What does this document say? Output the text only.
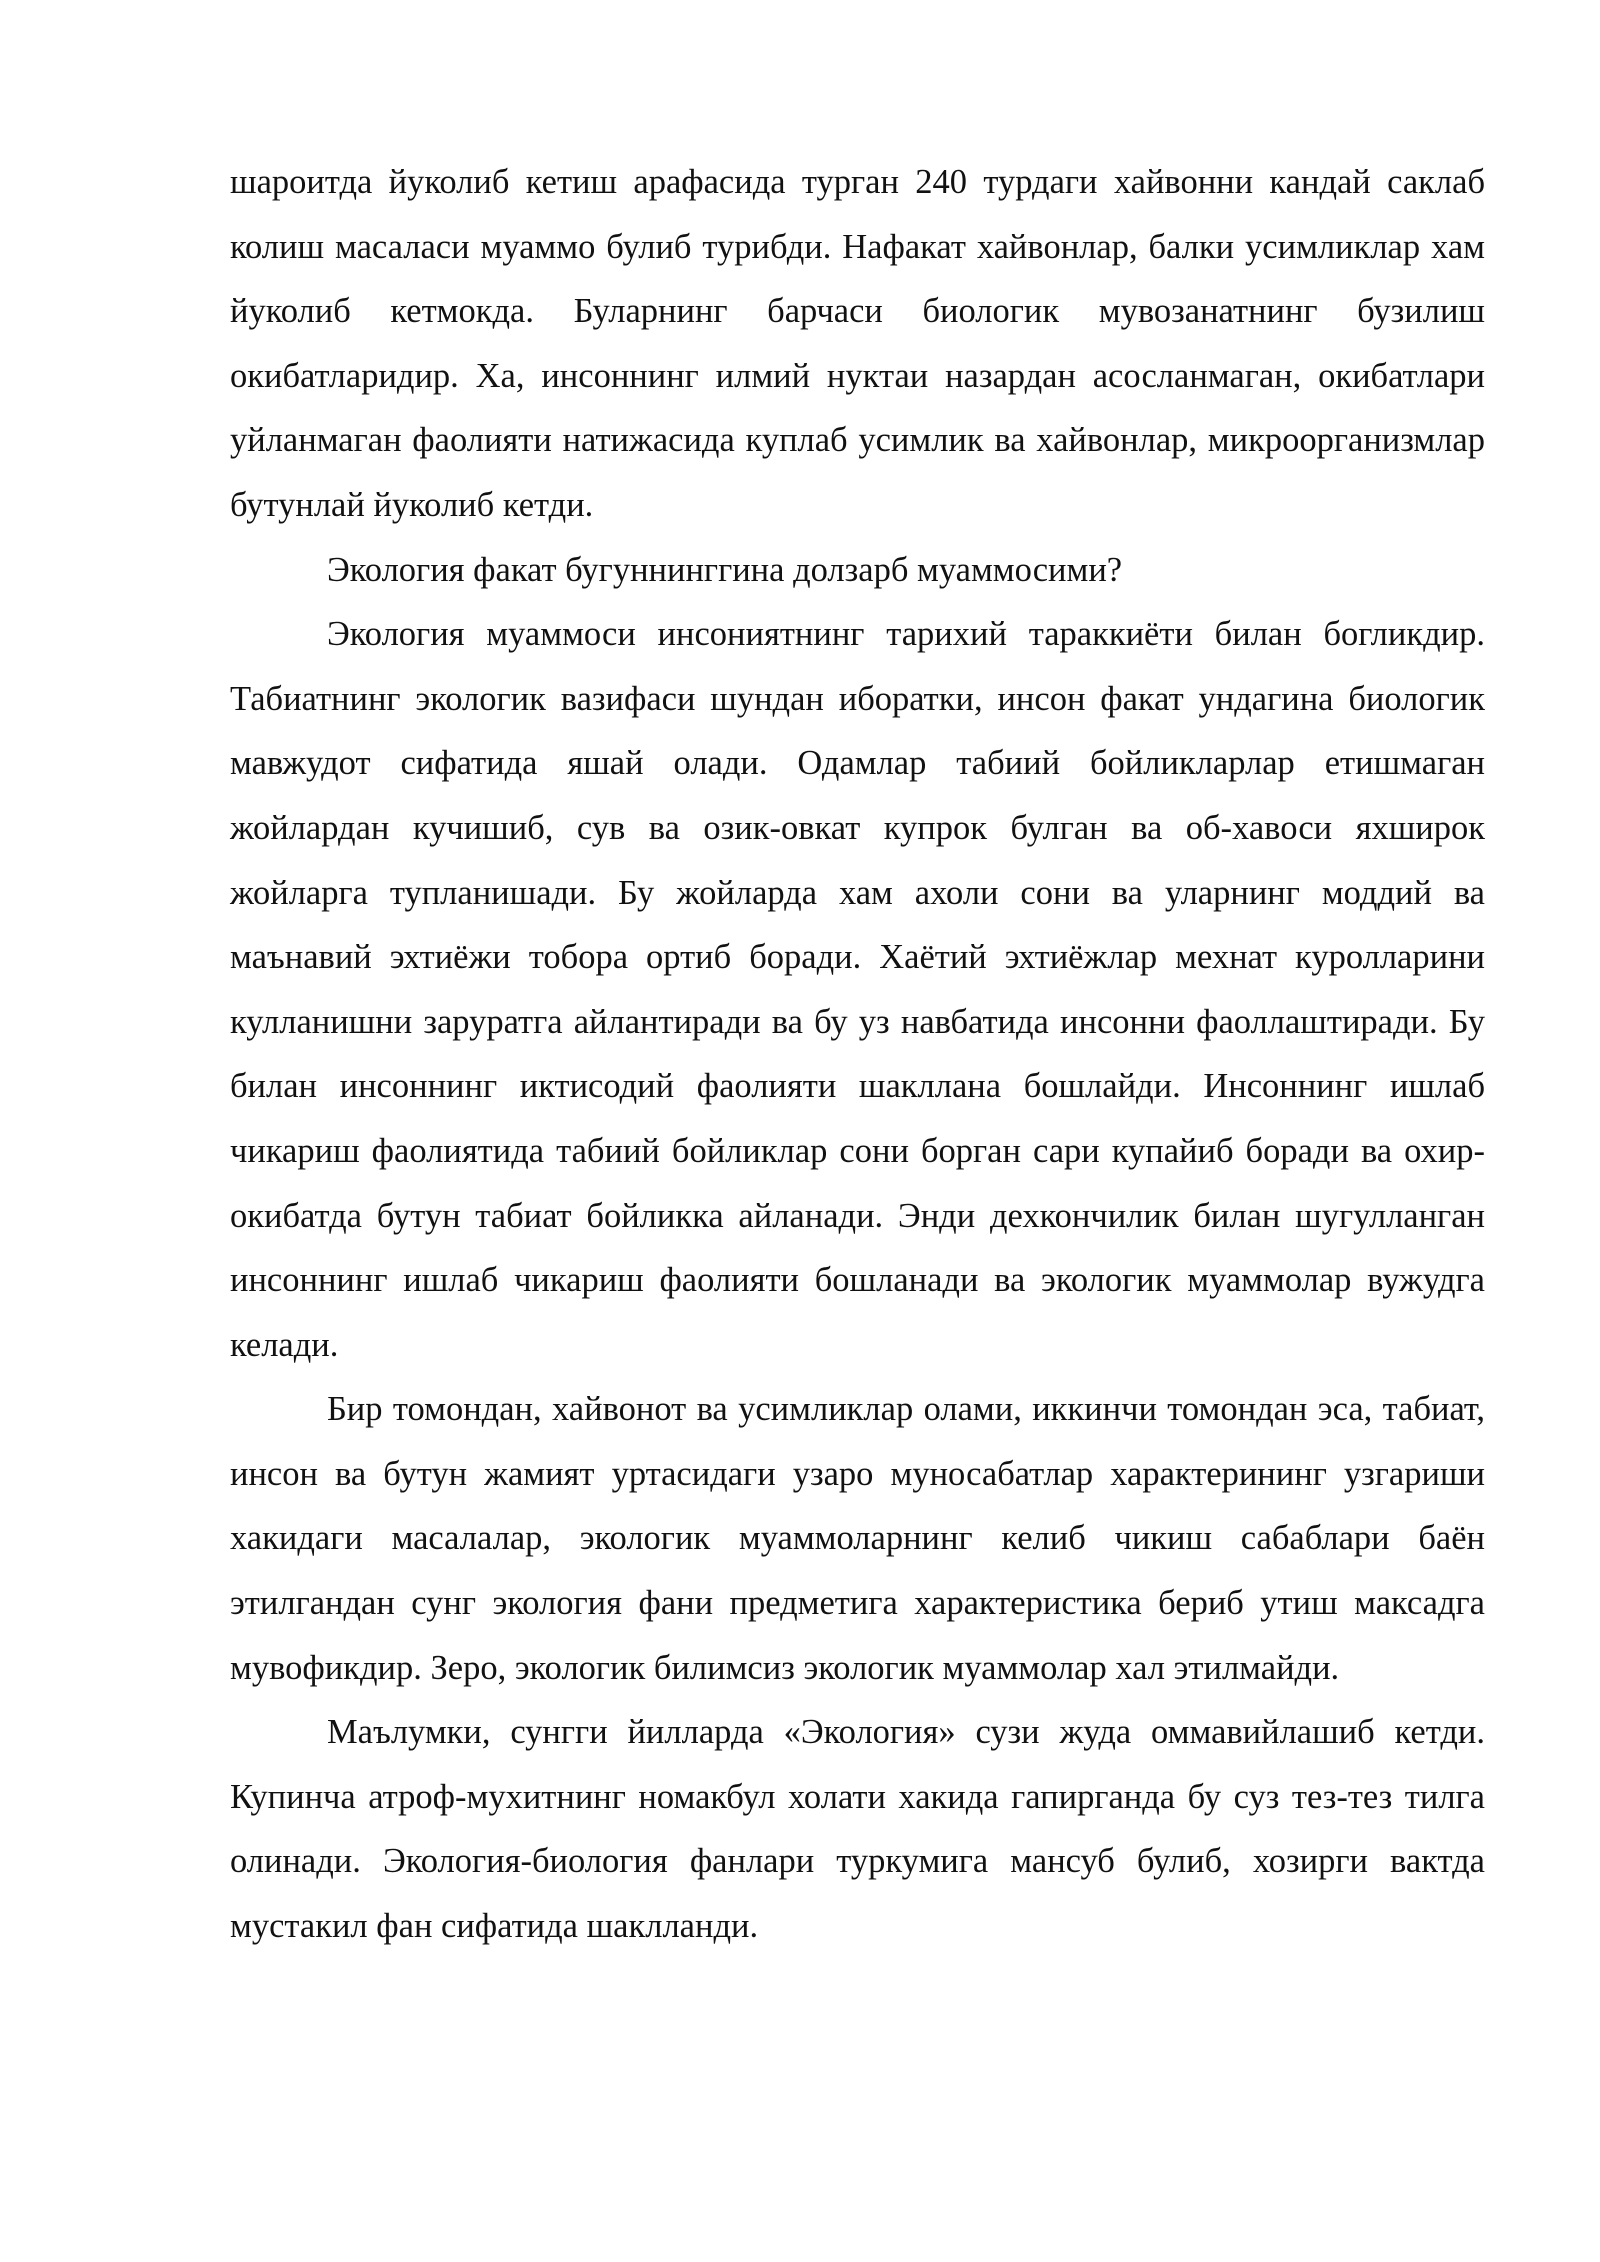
шароитда йуколиб кетиш арафасида турган 240 турдаги хайвонни кандай саклаб колиш масаласи муаммо булиб турибди. Нафакат хайвонлар, балки усимликлар хам йуколиб кетмокда. Буларнинг барчаси биологик мувозанатнинг бузилиш окибатларидир. Ха, инсоннинг илмий нуктаи назардан асосланмаган, окибатлари уйланмаган фаолияти натижасида куплаб усимлик ва хайвонлар, микроорганизмлар бутунлай йуколиб кетди.

Экология факат бугуннинггина долзарб муаммосими?

Экология муаммоси инсониятнинг тарихий тараккиёти билан богликдир. Табиатнинг экологик вазифаси шундан иборатки, инсон факат ундагина биологик мавжудот сифатида яшай олади. Одамлар табиий бойликларлар етишмаган жойлардан кучишиб, сув ва озик-овкат купрок булган ва об-хавоси яхширок жойларга тупланишади. Бу жойларда хам ахоли сони ва уларнинг моддий ва маънавий эхтиёжи тобора ортиб боради. Хаётий эхтиёжлар мехнат куролларини кулланишни заруратга айлантиради ва бу уз навбатида инсонни фаоллаштиради. Бу билан инсоннинг иктисодий фаолияти шакллана бошлайди. Инсоннинг ишлаб чикариш фаолиятида табиий бойликлар сони борган сари купайиб боради ва охир-окибатда бутун табиат бойликка айланади. Энди дехкончилик билан шугулланган инсоннинг ишлаб чикариш фаолияти бошланади ва экологик муаммолар вужудга келади.

Бир томондан, хайвонот ва усимликлар олами, иккинчи томондан эса, табиат, инсон ва бутун жамият уртасидаги узаро муносабатлар характерининг узгариши хакидаги масалалар, экологик муаммоларнинг келиб чикиш сабаблари баён этилгандан сунг экология фани предметига характеристика бериб утиш максадга мувофикдир. Зеро, экологик билимсиз экологик муаммолар хал этилмайди.

Маълумки, сунгги йилларда «Экология» сузи жуда оммавийлашиб кетди. Купинча атроф-мухитнинг номакбул холати хакида гапирганда бу суз тез-тез тилга олинади. Экология-биология фанлари туркумига мансуб булиб, хозирги вактда мустакил фан сифатида шаклланди.
